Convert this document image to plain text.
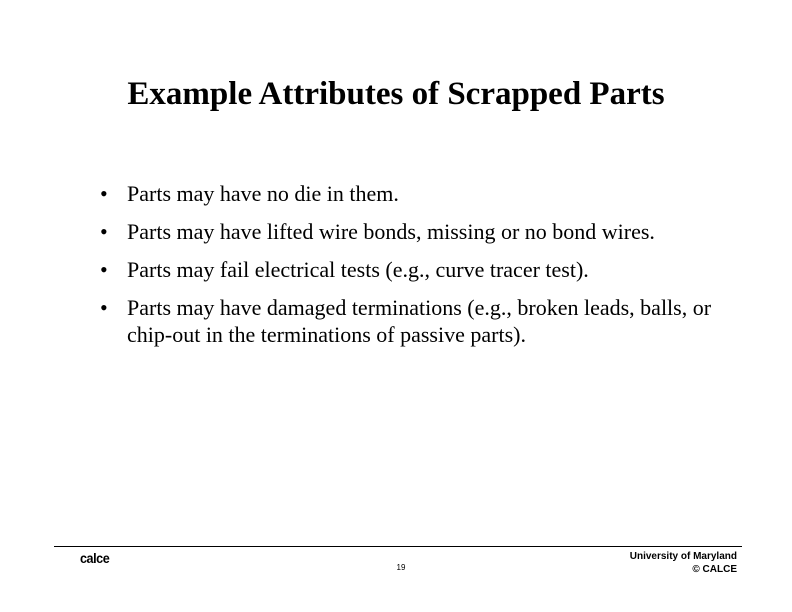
Example Attributes of Scrapped Parts
• Parts may have no die in them.
• Parts may have lifted wire bonds, missing or no bond wires.
• Parts may fail electrical tests (e.g., curve tracer test).
• Parts may have damaged terminations (e.g., broken leads, balls, or chip-out in the terminations of passive parts).
calce
19
University of Maryland
© CALCE
